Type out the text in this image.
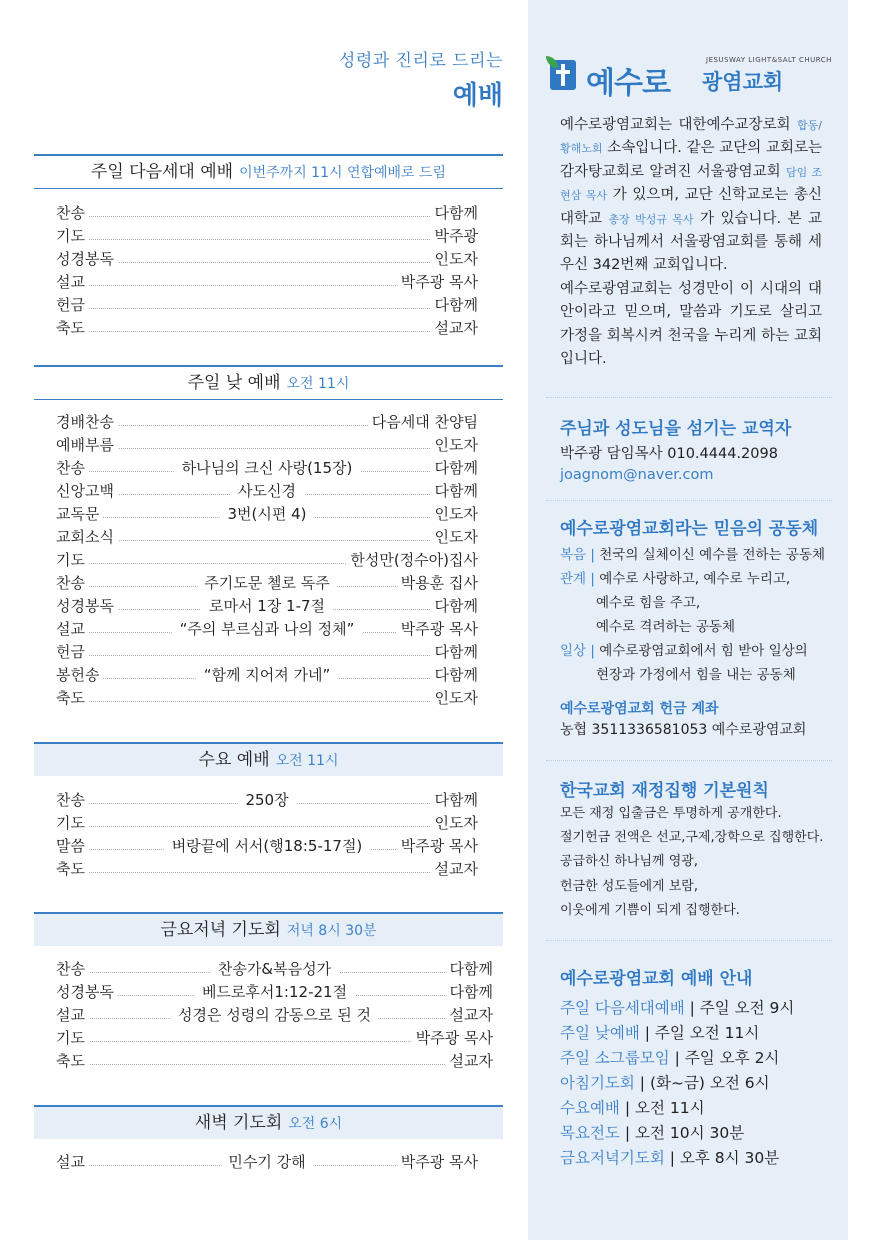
성령과 진리로 드리는
예배
주일 다음세대 예배 이번주까지 11시 연합예배로 드림
찬송	다함께
기도	박주광
성경봉독	인도자
설교	박주광 목사
헌금	다함께
축도	설교자
주일 낮 예배 오전 11시
경배찬송	다음세대 찬양팀
예배부름	인도자
찬송	하나님의 크신 사랑(15장)	다함께
신앙고백	사도신경	다함께
교독문	3번(시편 4)	인도자
교회소식	인도자
기도	한성만(정수아)집사
찬송	주기도문 첼로 독주	박용훈 집사
성경봉독	로마서 1장 1-7절	다함께
설교	“주의 부르심과 나의 정체”	박주광 목사
헌금	다함께
봉헌송	“함께 지어져 가네”	다함께
축도	인도자
수요 예배 오전 11시
찬송	250장	다함께
기도	인도자
말씀	벼랑끝에 서서(행18:5-17절)	박주광 목사
축도	설교자
금요저녁 기도회 저녁 8시 30분
찬송	찬송가&복음성가	다함께
성경봉독	베드로후서1:12-21절	다함께
설교	성경은 성령의 감동으로 된 것	설교자
기도	박주광 목사
축도	설교자
새벽 기도회 오전 6시
설교	민수기 강해	박주광 목사
예수로 광염교회
JESUSWAY LIGHT&SALT CHURCH
예수로광염교회는 대한예수교장로회 합동/황해노회 소속입니다. 같은 교단의 교회로는 감자탕교회로 알려진 서울광염교회 담임 조현삼 목사 가 있으며, 교단 신학교로는 총신대학교 총장 박성규 목사 가 있습니다. 본 교회는 하나님께서 서울광염교회를 통해 세우신 342번째 교회입니다.
예수로광염교회는 성경만이 이 시대의 대안이라고 믿으며, 말씀과 기도로 살리고 가정을 회복시켜 천국을 누리게 하는 교회입니다.
주님과 성도님을 섬기는 교역자
박주광 담임목사 010.4444.2098
joagnom@naver.com
예수로광염교회라는 믿음의 공동체
복음 | 천국의 실체이신 예수를 전하는 공동체
관계 | 예수로 사랑하고, 예수로 누리고,
예수로 힘을 주고,
예수로 격려하는 공동체
일상 | 예수로광염교회에서 힘 받아 일상의
현장과 가정에서 힘을 내는 공동체
예수로광염교회 헌금 계좌
농협 3511336581053 예수로광염교회
한국교회 재정집행 기본원칙
모든 재정 입출금은 투명하게 공개한다.
절기헌금 전액은 선교,구제,장학으로 집행한다.
공급하신 하나님께 영광,
헌금한 성도들에게 보람,
이웃에게 기쁨이 되게 집행한다.
예수로광염교회 예배 안내
주일 다음세대예배 | 주일 오전 9시
주일 낮예배 | 주일 오전 11시
주일 소그룹모임 | 주일 오후 2시
아침기도회 | (화~금) 오전 6시
수요예배 | 오전 11시
목요전도 | 오전 10시 30분
금요저녁기도회 | 오후 8시 30분
